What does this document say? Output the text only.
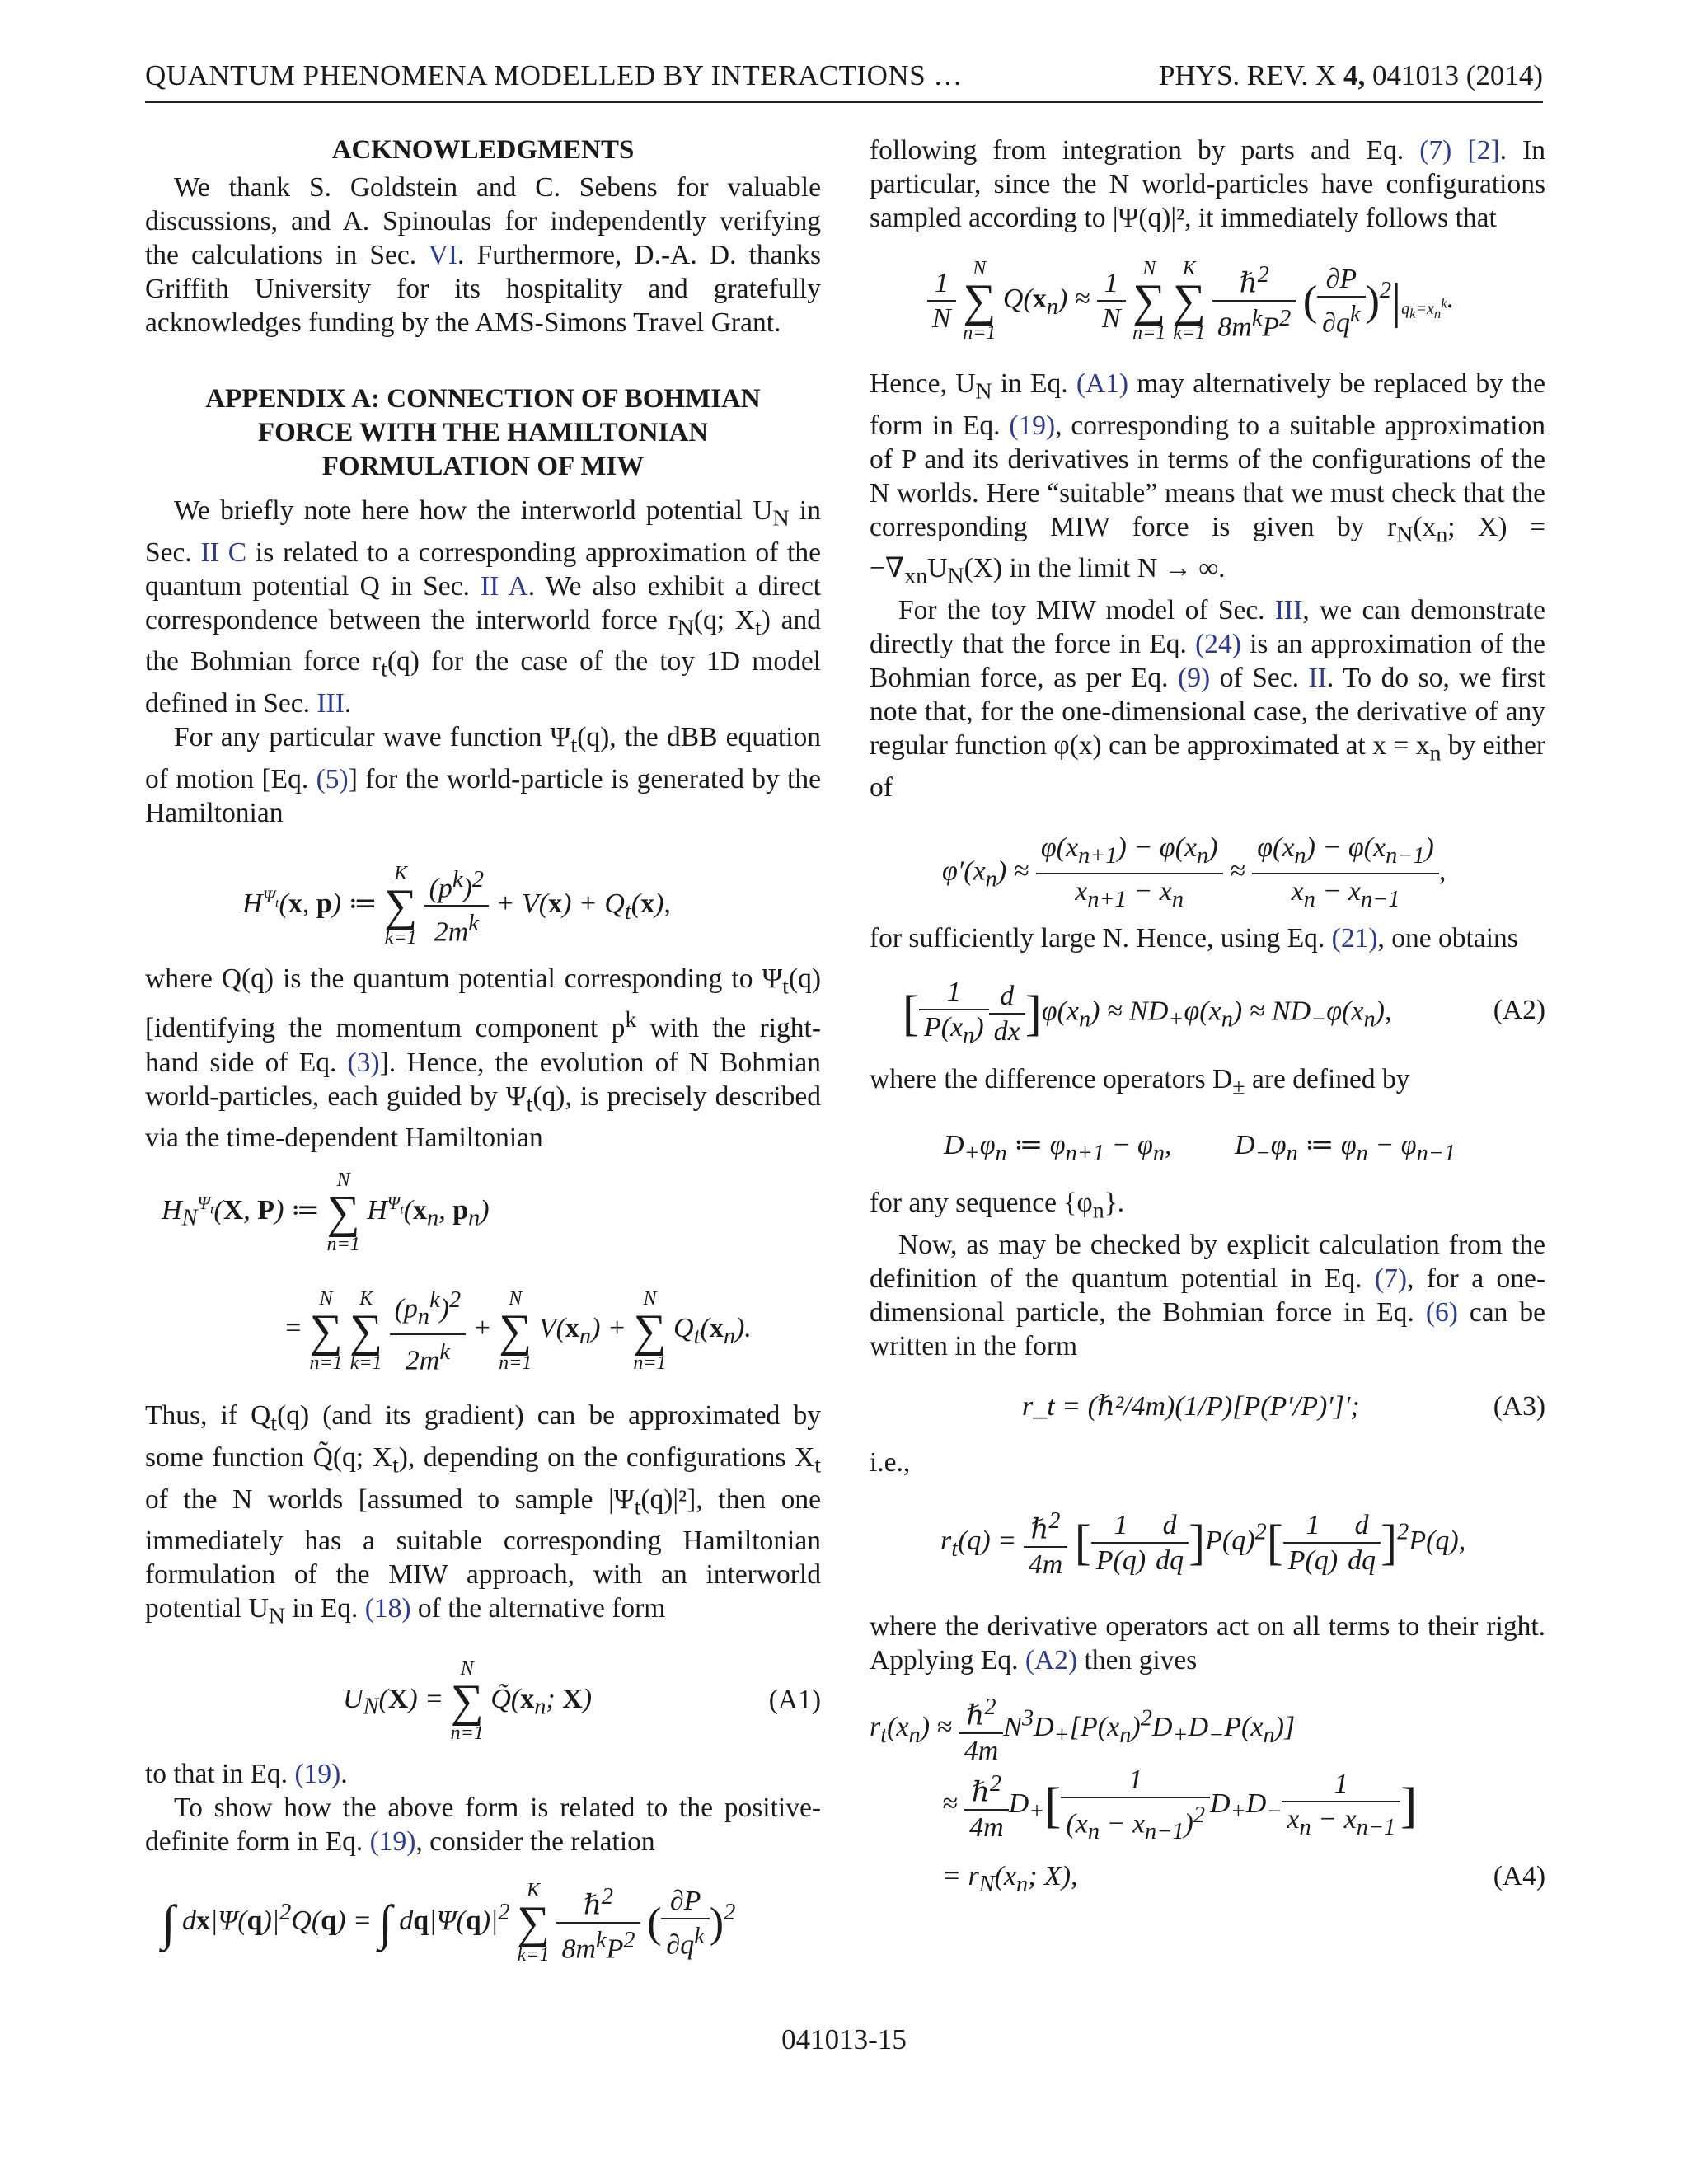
QUANTUM PHENOMENA MODELLED BY INTERACTIONS …	PHYS. REV. X 4, 041013 (2014)

ACKNOWLEDGMENTS

We thank S. Goldstein and C. Sebens for valuable discussions, and A. Spinoulas for independently verifying the calculations in Sec. VI. Furthermore, D.-A. D. thanks Griffith University for its hospitality and gratefully acknowledges funding by the AMS-Simons Travel Grant.

APPENDIX A: CONNECTION OF BOHMIAN

FORCE WITH THE HAMILTONIAN

FORMULATION OF MIW

We briefly note here how the interworld potential $U_N$ in Sec. II C is related to a corresponding approximation of the quantum potential Q in Sec. II A. We also exhibit a direct correspondence between the interworld force $r_N(q$; $X_t$) and the Bohmian force $r_t(q)$ for the case of the toy 1D model defined in Sec. III.

For any particular wave function $\Psi_t(q)$, the dBB equation of motion [Eq. (5)] for the world-particle is generated by the Hamiltonian

$H^{\Psi_t}(x$, p) ≔ K
∑
$k=1 \frac{(p^k)^2}{2m^k} + V(x) + Q_t(x)$,

where Q(q) is the quantum potential corresponding to $\Psi_t(q)$ [identifying the momentum component $p^k$ with the right-hand side of Eq. (3)]. Hence, the evolution of N Bohmian world-particles, each guided by $\Psi_t(q)$, is precisely described via the time-dependent Hamiltonian

$H_N^{\Psi_t}(X$, P) ≔ N
∑
n=1 $H^{\Psi_t}(x_n$, $p_n$)
= N
∑
n=1 K
∑
$k=1 \frac{(p_n^k)^2}{2m^k} + N$
∑
n=1 $V(x_n) + N$
∑
n=1 $Q_t(x_n)$.

Thus, if $Q_t(q)$ (and its gradient) can be approximated by some function Q̃(q; $X_t$), depending on the configurations $X_t$ of the N worlds [assumed to sample $|\Psi_t(q)|^2$], then one immediately has a suitable corresponding Hamiltonian formulation of the MIW approach, with an interworld potential $U_N$ in Eq. (18) of the alternative form

$U_N(X) = N$
∑
n=1 $Q̃(x_n$; X)	(A1)

to that in Eq. (19).

To show how the above form is related to the positive-definite form in Eq. (19), consider the relation

∫ $dx|\Psi(q)|^2Q(q)$ = ∫ $dq|\Psi(q)|^2$ K
∑
$k=1 \frac{\hbar^2}{8m^kP^2}$ ( $\frac{\partial P}{\partial q^k} )^2$

following from integration by parts and Eq. (7) [2]. In particular, since the N world-particles have configurations sampled according to |Ψ(q)|², it immediately follows that

$\frac{1}{N}$ N
∑
n=1 $Q(x_n) \approx \frac{1}{N}$ N
∑
n=1 K
∑
$k=1 \frac{\hbar^2}{8m^kP^2}$ ( $\frac{\partial P}{\partial q^k} )^2|_{q_k=x_n^k}$.

Hence, $U_N$ in Eq. (A1) may alternatively be replaced by the form in Eq. (19), corresponding to a suitable approximation of P and its derivatives in terms of the configurations of the N worlds. Here “suitable” means that we must check that the corresponding MIW force is given by $r_N(x_n$; $X) = -\nabla_{xn}U_N(X)$ in the limit N → ∞.

For the toy MIW model of Sec. III, we can demonstrate directly that the force in Eq. (24) is an approximation of the Bohmian force, as per Eq. (9) of Sec. II. To do so, we first note that, for the one-dimensional case, the derivative of any regular function φ(x) can be approximated at $x = x_n$ by either of

$\varphi'(x_n) \approx \frac{\varphi(x_{n+1}) - \varphi(x_n)}{x_{n+1} - x_n} \approx \frac{\varphi(x_n) - \varphi(x_{n-1})}{x_n - x_{n-1}}$ ,

for sufficiently large N. Hence, using Eq. (21), one obtains

[ $\frac{1}{P(x_n)} \frac{d}{dx} ]\varphi(x_n) \approx ND_+\varphi(x_n) \approx ND_-\varphi(x_n)$,	(A2)

where the difference operators $D_\pm$ are defined by

$D_+\varphi_n$ ≔ $\varphi_{n+1} - \varphi_n$,         $D_-\varphi_n$ ≔ $\varphi_n - \varphi_{n-1}$

for any sequence $\{\varphi_n\}$.

Now, as may be checked by explicit calculation from the definition of the quantum potential in Eq. (7), for a one-dimensional particle, the Bohmian force in Eq. (6) can be written in the form

r_t = (ℏ²/4m)(1/P)[P(P′/P)′]′;	(A3)

i.e.,

$r_t(q) = \frac{\hbar^2}{4m}$ [ $\frac{1}{P(q)} \frac{d}{dq} ]P(q)^2[ \frac{1}{P(q)} \frac{d}{dq} ]^2P(q)$,

where the derivative operators act on all terms to their right. Applying Eq. (A2) then gives

$r_t(x_n) \approx \frac{\hbar^2}{4m} N^3D_+[P(x_n)^2D_+D_-P(x_n)]$
≈ $\frac{\hbar^2}{4m} D_+[ \frac{1}{(x_n - x_{n-1})^2} D_+D_- \frac{1}{x_n - x_{n-1}}$ ]
= $r_N(x_n$; X),	(A4)
041013-15
